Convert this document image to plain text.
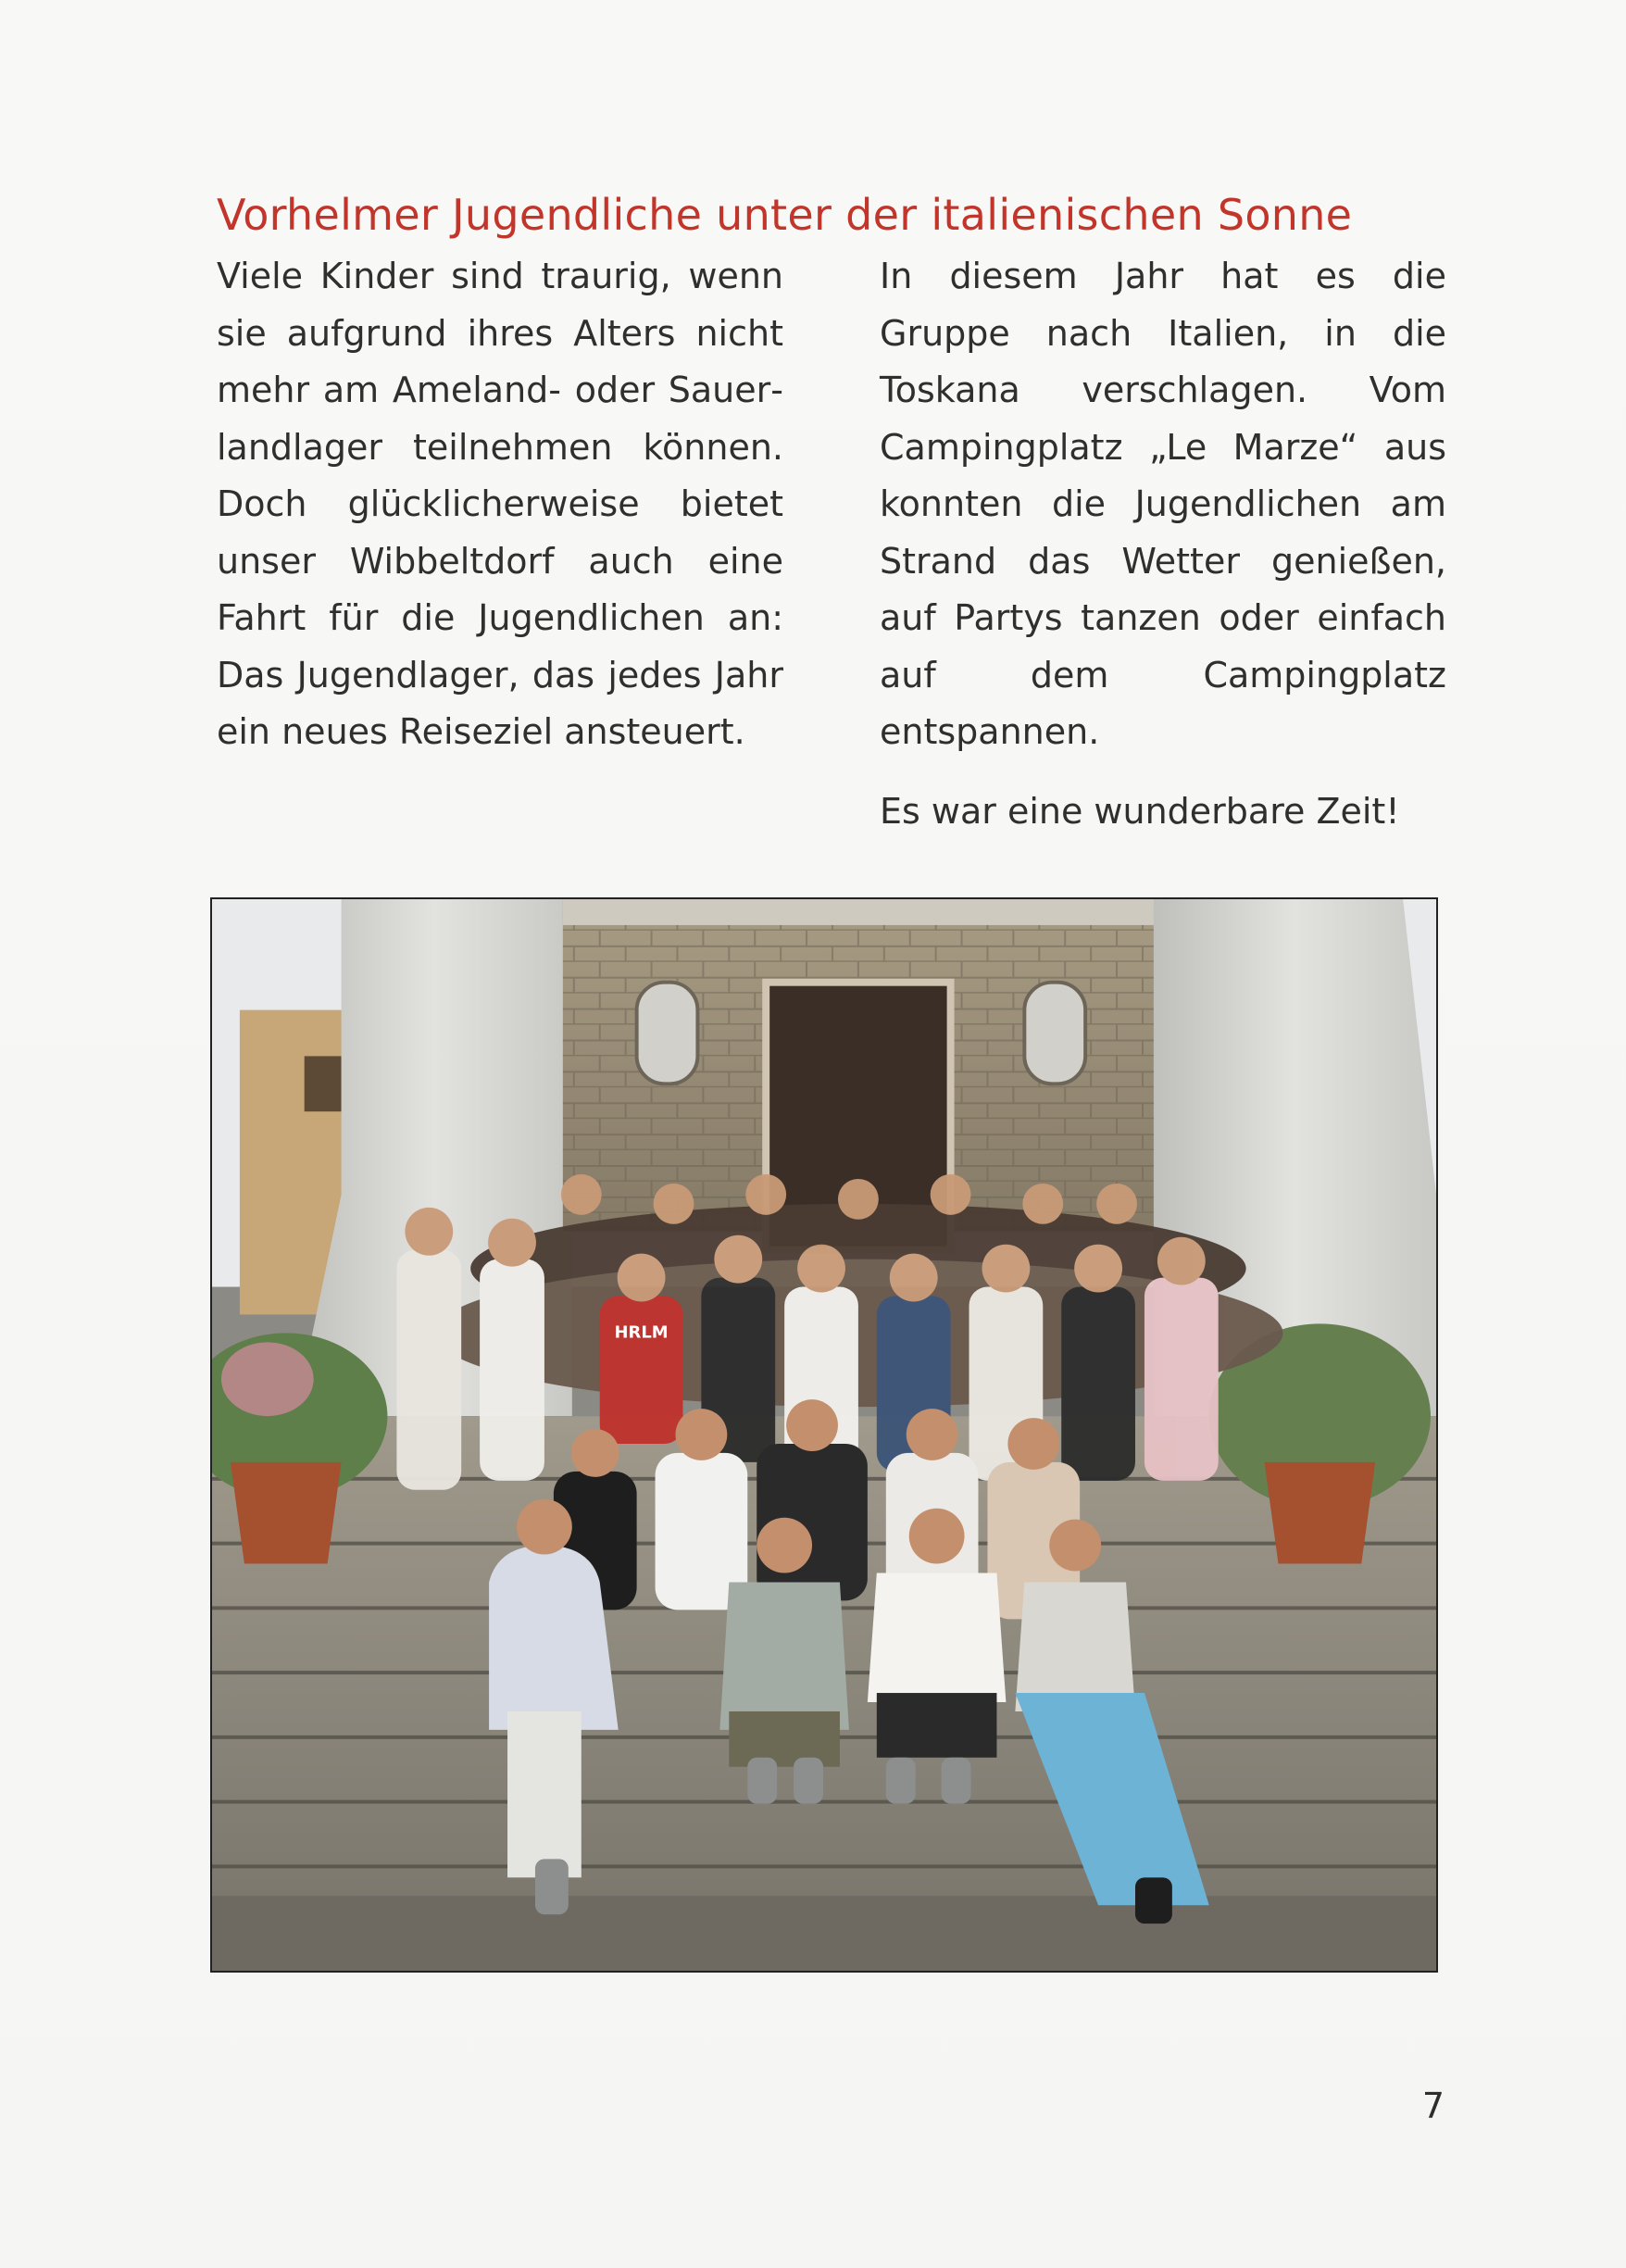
Vorhelmer Jugendliche unter der italienischen Sonne

Viele Kinder sind traurig, wenn sie aufgrund ihres Alters nicht mehr am Ameland- oder Sauerlandlager teilnehmen können. Doch glücklicherweise bietet unser Wibbeltdorf auch eine Fahrt für die Jugendlichen an: Das Jugendlager, das jedes Jahr ein neues Reiseziel ansteuert.

In diesem Jahr hat es die Gruppe nach Italien, in die Toskana verschlagen. Vom Campingplatz „Le Marze“ aus konnten die Jugendlichen am Strand das Wetter genießen, auf Partys tanzen oder einfach auf dem Campingplatz entspannen.

Es war eine wunderbare Zeit!

HRLM
7
